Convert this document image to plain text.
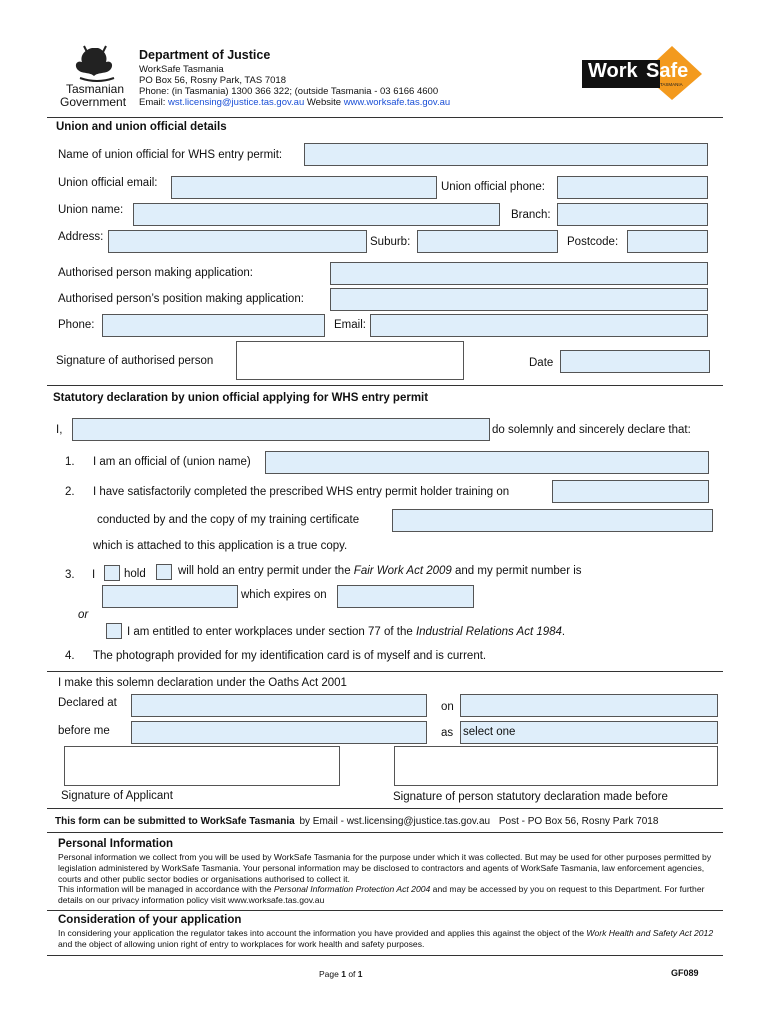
Tasmanian
Government
Department of Justice
WorkSafe Tasmania
PO Box 56, Rosny Park, TAS 7018
Phone: (in Tasmania) 1300 366 322; (outside Tasmania - 03 6166 4600
Email: wst.licensing@justice.tas.gov.au Website www.worksafe.tas.gov.au
Work Safe
TASMANIA
Union and union official details
Name of union official for WHS entry permit:
Union official email:	Union official phone:
Union name:	Branch:
Address:	Suburb:	Postcode:
Authorised person making application:
Authorised person’s position making application:
Phone:	Email:
Signature of authorised person	Date
Statutory declaration by union official applying for WHS entry permit
I,	do solemnly and sincerely declare that:
1. I am an official of (union name)
2. I have satisfactorily completed the prescribed WHS entry permit holder training on
conducted by and the copy of my training certificate
which is attached to this application is a true copy.
3. I	hold	will hold an entry permit under the Fair Work Act 2009 and my permit number is
which expires on
or
I am entitled to enter workplaces under section 77 of the Industrial Relations Act 1984.
4. The photograph provided for my identification card is of myself and is current.
I make this solemn declaration under the Oaths Act 2001
Declared at	on
before me	as select one
Signature of Applicant	Signature of person statutory declaration made before
This form can be submitted to WorkSafe Tasmania by Email - wst.licensing@justice.tas.gov.au Post - PO Box 56, Rosny Park 7018
Personal Information
Personal information we collect from you will be used by WorkSafe Tasmania for the purpose under which it was collected. But may be used for other purposes permitted by legislation administered by WorkSafe Tasmania. Your personal information may be disclosed to contractors and agents of WorkSafe Tasmania, law enforcement agencies, courts and other public sector bodies or organisations authorised to collect it.
This information will be managed in accordance with the Personal Information Protection Act 2004 and may be accessed by you on request to this Department. For further details on our privacy information policy visit www.worksafe.tas.gov.au
Consideration of your application
In considering your application the regulator takes into account the information you have provided and applies this against the object of the Work Health and Safety Act 2012 and the object of allowing union right of entry to workplaces for work health and safety purposes.
Page 1 of 1	GF089
